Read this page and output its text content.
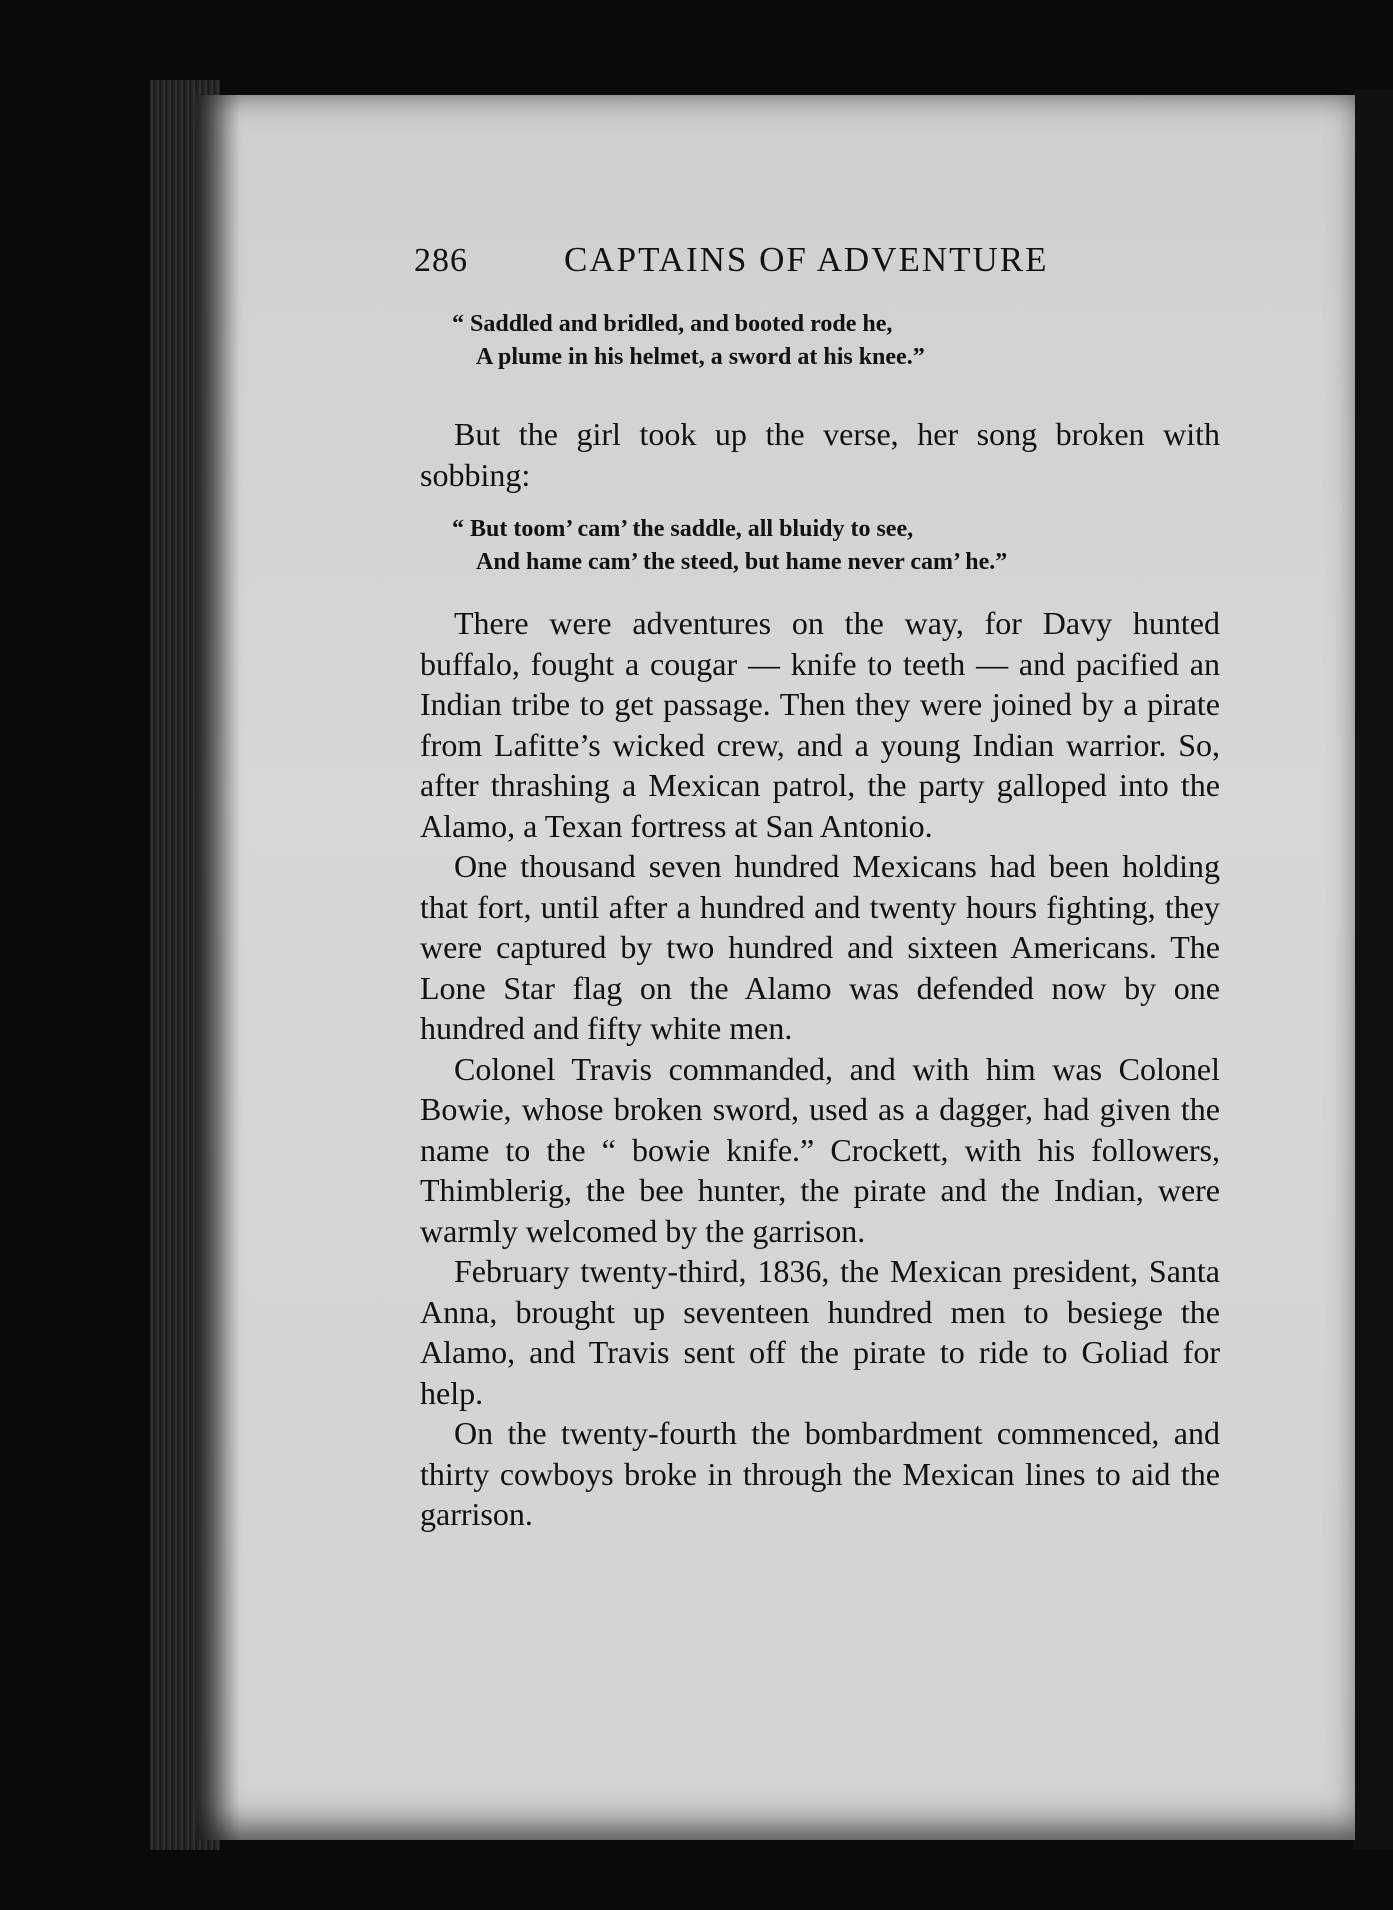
286	CAPTAINS OF ADVENTURE
“ Saddled and bridled, and booted rode he,
A plume in his helmet, a sword at his knee.”

But the girl took up the verse, her song broken with sobbing:

“ But toom’ cam’ the saddle, all bluidy to see,
And hame cam’ the steed, but hame never cam’ he.”

There were adventures on the way, for Davy hunted buffalo, fought a cougar — knife to teeth — and pacified an Indian tribe to get passage. Then they were joined by a pirate from Lafitte’s wicked crew, and a young Indian warrior. So, after thrashing a Mexican patrol, the party galloped into the Alamo, a Texan fortress at San Antonio.

One thousand seven hundred Mexicans had been holding that fort, until after a hundred and twenty hours fighting, they were captured by two hundred and sixteen Americans. The Lone Star flag on the Alamo was defended now by one hundred and fifty white men.

Colonel Travis commanded, and with him was Colonel Bowie, whose broken sword, used as a dagger, had given the name to the “ bowie knife.” Crockett, with his followers, Thimblerig, the bee hunter, the pirate and the Indian, were warmly welcomed by the garrison.

February twenty-third, 1836, the Mexican president, Santa Anna, brought up seventeen hundred men to besiege the Alamo, and Travis sent off the pirate to ride to Goliad for help.

On the twenty-fourth the bombardment commenced, and thirty cowboys broke in through the Mexican lines to aid the garrison.
